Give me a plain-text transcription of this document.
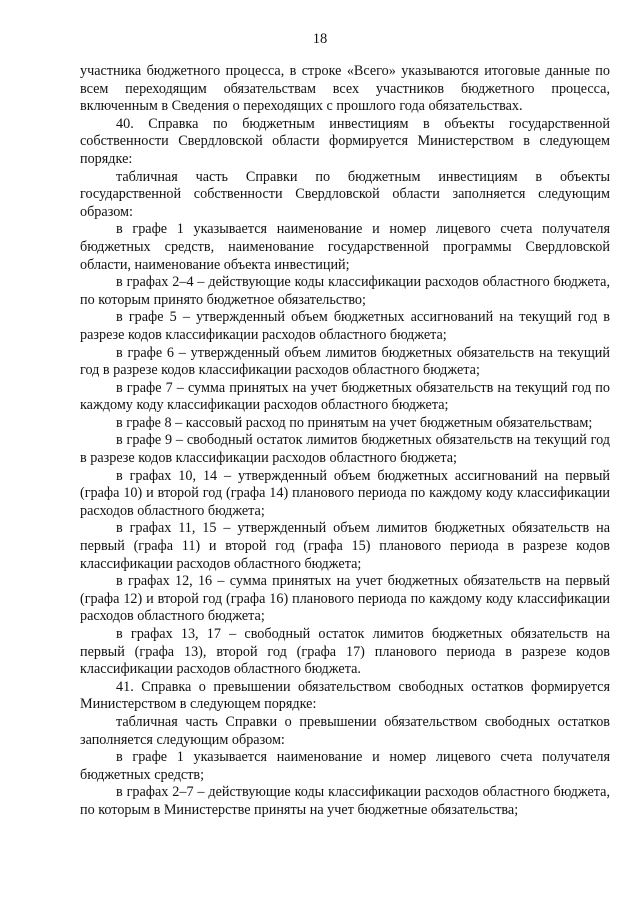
18

участника бюджетного процесса, в строке «Всего» указываются итоговые данные по всем переходящим обязательствам всех участников бюджетного процесса, включенным в Сведения о переходящих с прошлого года обязательствах.

40. Справка по бюджетным инвестициям в объекты государственной собственности Свердловской области формируется Министерством в следующем порядке:

табличная часть Справки по бюджетным инвестициям в объекты государственной собственности Свердловской области заполняется следующим образом:

в графе 1 указывается наименование и номер лицевого счета получателя бюджетных средств, наименование государственной программы Свердловской области, наименование объекта инвестиций;

в графах 2–4 – действующие коды классификации расходов областного бюджета, по которым принято бюджетное обязательство;

в графе 5 – утвержденный объем бюджетных ассигнований на текущий год в разрезе кодов классификации расходов областного бюджета;

в графе 6 – утвержденный объем лимитов бюджетных обязательств на текущий год в разрезе кодов классификации расходов областного бюджета;

в графе 7 – сумма принятых на учет бюджетных обязательств на текущий год по каждому коду классификации расходов областного бюджета;

в графе 8 – кассовый расход по принятым на учет бюджетным обязательствам;

в графе 9 – свободный остаток лимитов бюджетных обязательств на текущий год в разрезе кодов классификации расходов областного бюджета;

в графах 10, 14 – утвержденный объем бюджетных ассигнований на первый (графа 10) и второй год (графа 14) планового периода по каждому коду классификации расходов областного бюджета;

в графах 11, 15 – утвержденный объем лимитов бюджетных обязательств на первый (графа 11) и второй год (графа 15) планового периода в разрезе кодов классификации расходов областного бюджета;

в графах 12, 16 – сумма принятых на учет бюджетных обязательств на первый (графа 12) и второй год (графа 16) планового периода по каждому коду классификации расходов областного бюджета;

в графах 13, 17 – свободный остаток лимитов бюджетных обязательств на первый (графа 13), второй год (графа 17) планового периода в разрезе кодов классификации расходов областного бюджета.

41. Справка о превышении обязательством свободных остатков формируется Министерством в следующем порядке:

табличная часть Справки о превышении обязательством свободных остатков заполняется следующим образом:

в графе 1 указывается наименование и номер лицевого счета получателя бюджетных средств;

в графах 2–7 – действующие коды классификации расходов областного бюджета, по которым в Министерстве приняты на учет бюджетные обязательства;
